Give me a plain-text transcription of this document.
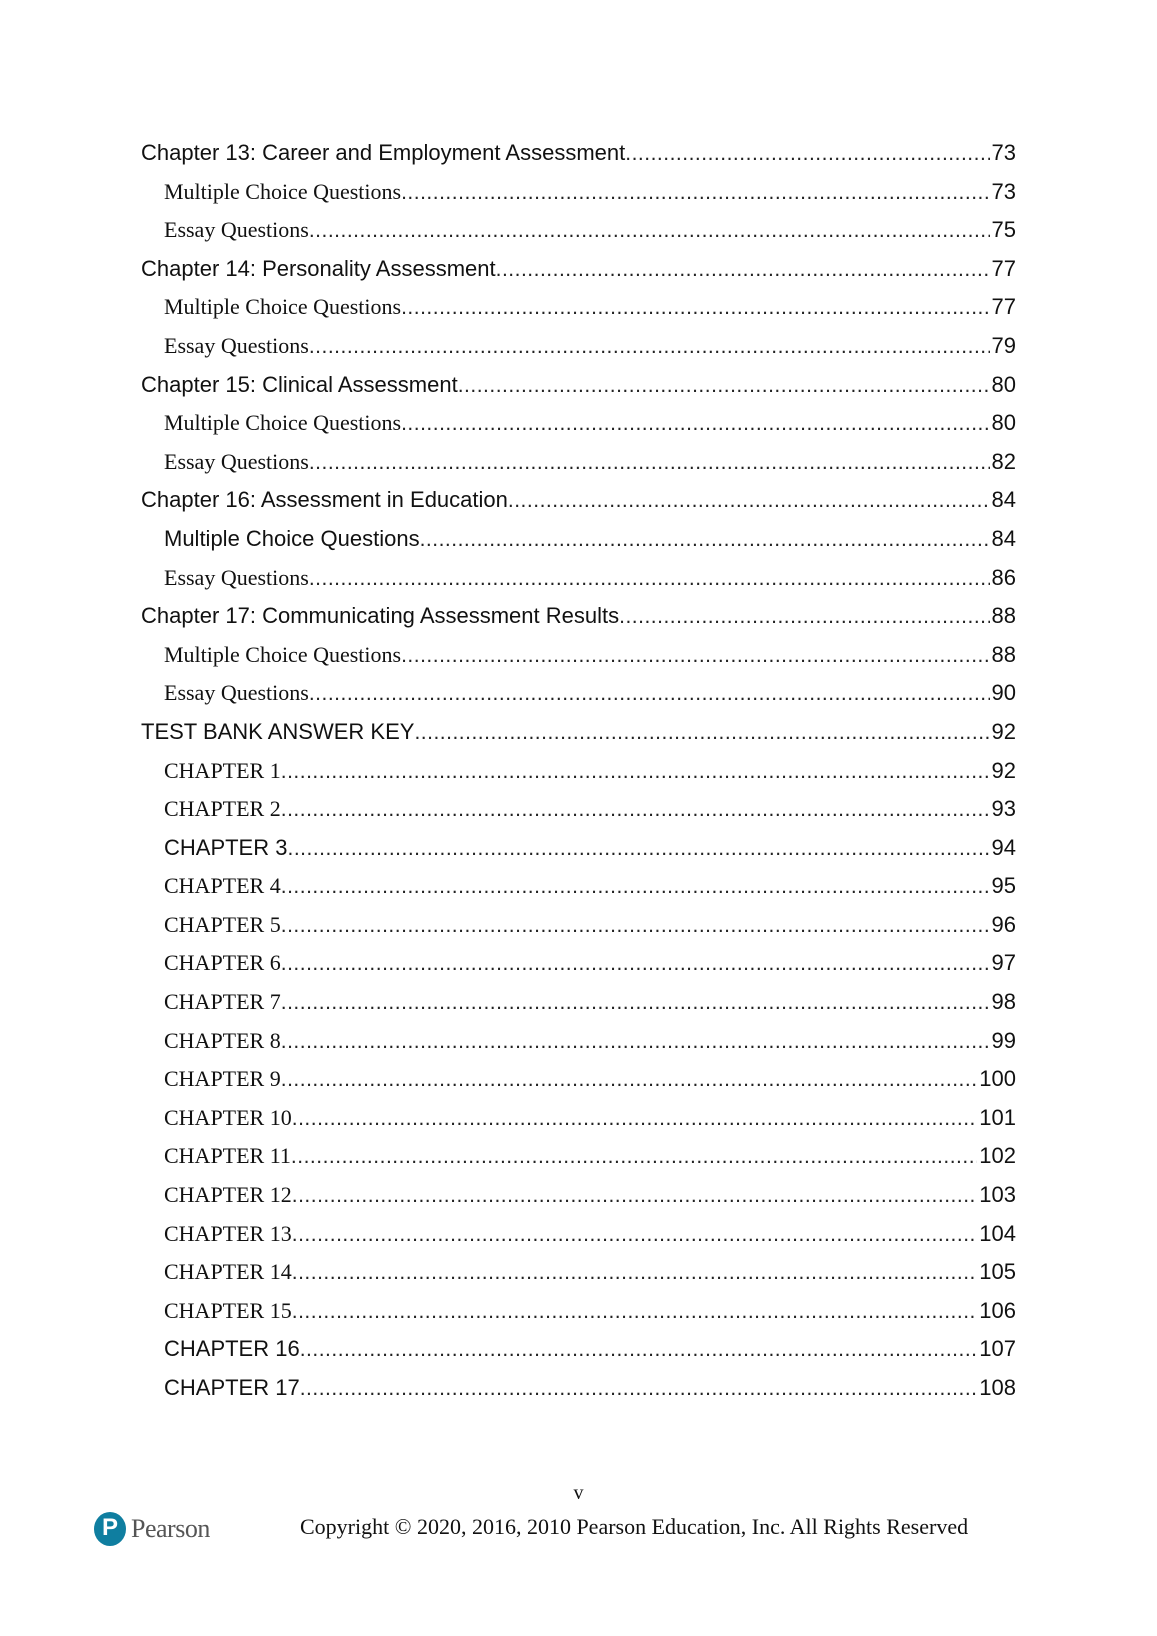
Chapter 13: Career and Employment Assessment .....	73
Multiple Choice Questions .....	73
Essay Questions .....	75
Chapter 14: Personality Assessment .....	77
Multiple Choice Questions .....	77
Essay Questions .....	79
Chapter 15: Clinical Assessment .....	80
Multiple Choice Questions .....	80
Essay Questions .....	82
Chapter 16: Assessment in Education .....	84
Multiple Choice Questions .....	84
Essay Questions .....	86
Chapter 17: Communicating Assessment Results .....	88
Multiple Choice Questions .....	88
Essay Questions .....	90
TEST BANK ANSWER KEY .....	92
CHAPTER 1 .....	92
CHAPTER 2 .....	93
CHAPTER 3 .....	94
CHAPTER 4 .....	95
CHAPTER 5 .....	96
CHAPTER 6 .....	97
CHAPTER 7 .....	98
CHAPTER 8 .....	99
CHAPTER 9 .....	100
CHAPTER 10 .....	101
CHAPTER 11 .....	102
CHAPTER 12 .....	103
CHAPTER 13 .....	104
CHAPTER 14 .....	105
CHAPTER 15 .....	106
CHAPTER 16 .....	107
CHAPTER 17 .....	108
v
P
Pearson	Copyright © 2020, 2016, 2010 Pearson Education, Inc. All Rights Reserved
